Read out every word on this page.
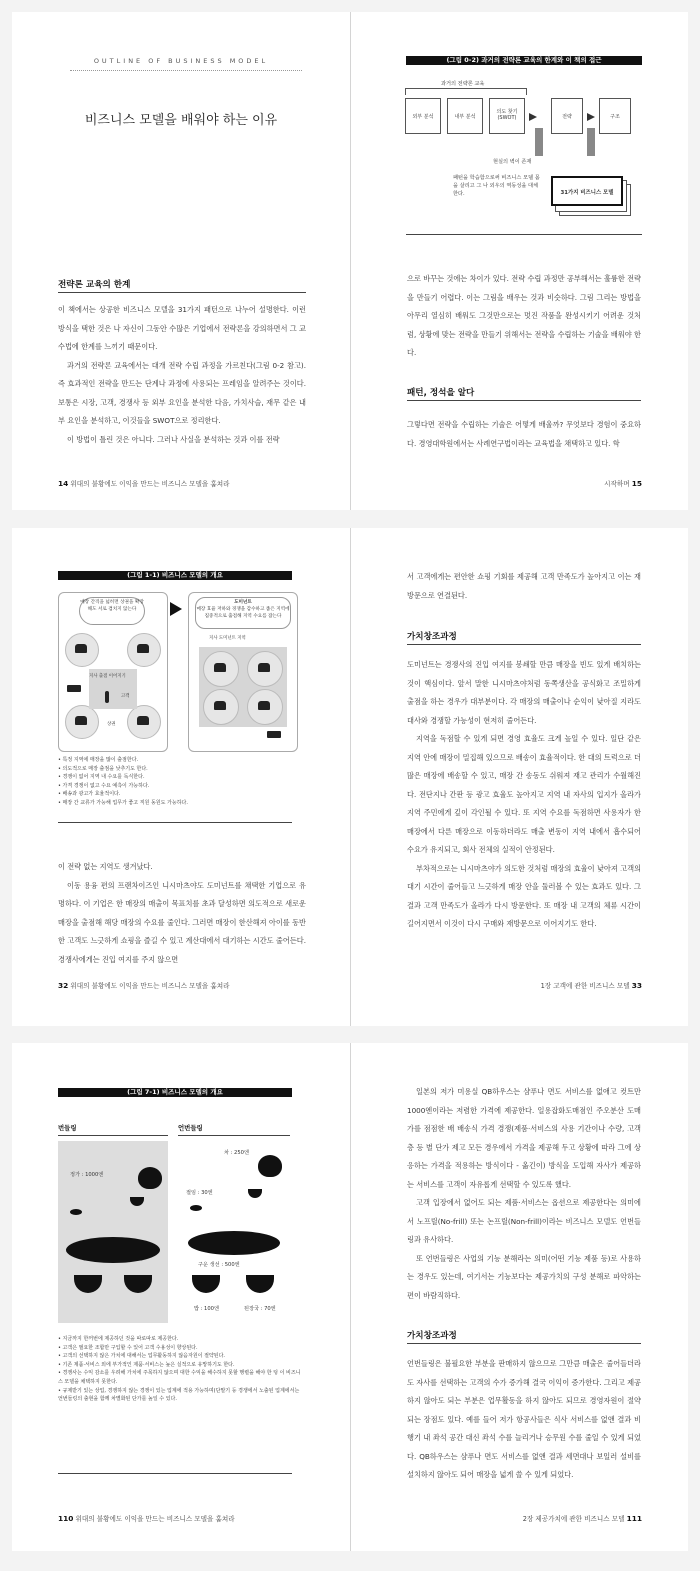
OUTLINE OF BUSINESS MODEL
비즈니스 모델을 배워야 하는 이유
전략론 교육의 한계

이 책에서는 상공한 비즈니스 모델을 31가지 패턴으로 나누어 설명한다. 이런 방식을 택한 것은 나 자신이 그동안 수많은 기업에서 전략론을 강의하면서 그 교수법에 한계를 느끼기 때문이다.

과거의 전략론 교육에서는 대개 전략 수립 과정을 가르친다(그림 0-2 참고). 즉 효과적인 전략을 만드는 단계나 과정에 사용되는 프레임을 알려주는 것이다. 보통은 시장, 고객, 경쟁사 등 외부 요인을 분석한 다음, 가치사슬, 재무 같은 내부 요인을 분석하고, 이것들을 SWOT으로 정리한다.

이 방법이 틀린 것은 아니다. 그러나 사실을 분석하는 것과 이를 전략

14 위대의 불황에도 이익을 만드는 비즈니스 모델을 훔쳐라
(그림 0-2) 과거의 전략론 교육의 한계와 이 책의 접근
과거의 전략론 교육
외부 분석	내부 분석
의도 찾기
(SWOT)	전략	구조
현실의 벽이 존재
패턴을 학습함으로써 비즈니스 모델 몸을 살리고 그 나 외우의 역동성을 대체한다.	31가지 비즈니스 모델

으로 바꾸는 것에는 차이가 있다. 전략 수립 과정만 공부해서는 훌륭한 전략을 만들기 어렵다. 이는 그림을 배우는 것과 비슷하다. 그림 그리는 방법을 아무리 열심히 배워도 그것만으로는 멋진 작품을 완성시키기 어려운 것처럼, 상황에 맞는 전략을 만들기 위해서는 전략을 수립하는 기술을 배워야 한다.

패턴, 정석을 알다

그렇다면 전략을 수립하는 기술은 어떻게 배울까? 무엇보다 경험이 중요하다. 경영대학원에서는 사례연구법이라는 교육법을 채택하고 있다. 학

시작하며 15
(그림 1-1) 비즈니스 모델의 개요
매장 간격을 넓히면 상권을 확장해도 서로 겹치지 않는다
지사 출점 이어지기
고객
상권
도미넌트
매장 효율 저하와 경쟁을 감수하고 좁은 지역에 집중적으로 출점해 지역 수요를 잡는다
지사 도미넌트 지역

• 특정 지역에 매장을 많이 출점한다.

• 의도적으로 매장 출점을 낮추기도 한다.

• 경쟁이 없어 지역 내 수요를 독식한다.

• 가격 경쟁이 없고 수요 예측이 가능하다.

• 배송과 광고가 효율적이다.

• 매장 간 교류가 가능해 업무가 좋고 직원 동원도 가능하다.

이 전략 없는 지역도 생겨났다.

이동 용융 편의 프랜차이즈인 니시마츠야도 도미넌트를 채택한 기업으로 유명하다. 이 기업은 한 매장의 매출이 목표치를 초과 달성하면 의도적으로 새로운 매장을 출점해 해당 매장의 수요를 줄인다. 그러면 매장이 한산해져 아이를 동반한 고객도 느긋하게 쇼핑을 즐길 수 있고 계산대에서 대기하는 시간도 줄어든다. 경쟁사에게는 진입 여지를 주지 않으면

32 위대의 불황에도 이익을 만드는 비즈니스 모델을 훔쳐라

서 고객에게는 편안한 쇼핑 기회를 제공해 고객 만족도가 높아지고 이는 재방문으로 연결된다.

가치창조과정

도미넌트는 경쟁사의 진입 여지를 봉쇄할 만큼 매장을 빈도 있게 배치하는 것이 핵심이다. 앞서 말한 니시마츠야처럼 동쪽생산을 공식화고 조밀하게 출점을 하는 경우가 대부분이다. 각 매장의 매출이나 순익이 낮아질 지라도 대사와 경쟁할 가능성이 현저히 줄어든다.

지역을 독점할 수 있게 되면 경영 효율도 크게 높일 수 있다. 일단 같은 지역 안에 매장이 밀집해 있으므로 배송이 효율적이다. 한 대의 트럭으로 더 많은 매장에 배송할 수 있고, 매장 간 송동도 쉬워져 재고 관리가 수월해진다. 전단지나 간판 등 광고 효율도 높아지고 지역 내 자사의 입지가 올라가 지역 주민에게 깊이 각인될 수 있다. 또 지역 수요를 독점하면 사용자가 한 매장에서 다른 매장으로 이동하더라도 매출 변동이 지역 내에서 흡수되어 수요가 유지되고, 회사 전체의 실적이 안정된다.

부차적으로는 니시마츠야가 의도한 것처럼 매장의 효율이 낮아져 고객의 대기 시간이 줄어들고 느긋하게 매장 안을 둘러볼 수 있는 효과도 있다. 그 결과 고객 만족도가 올라가 다시 방문한다. 또 매장 내 고객의 체류 시간이 길어지면서 이것이 다시 구매와 재방문으로 이어지기도 한다.

1장 고객에 관한 비즈니스 모델 33
(그림 7-1) 비즈니스 모델의 개요
번들링	언번들링
정가 : 1000엔
차 : 250엔
절임 : 30엔
구운 생선 : 500엔
밥 : 100엔	된장국 : 70엔

• 지금까지 한꺼번에 제공하던 것을 따로따로 제공한다.

• 고객은 필요한 조합만 구입할 수 있어 고객 수용성이 향상된다.

• 고객의 선택하지 않은 가치에 대해서는 업무활동하지 않음자원이 절약된다.

• 기존 제품·서비스 외에 부가적인 제품·서비스는 높은 실적으로 유망하기도 한다.

• 경쟁사는 수익 감소를 우려해 가치에 주목하지 않으며 대한 수익을 해수하지 못할 행렬을 해야 한 텅 이 비즈니스 모델을 채택하지 못한다.

• 규제받기 있는 상업, 경쟁하지 않는 경쟁이 있는 업계에 적용 가능하며(단말기 등 경쟁에서 노출된 업계에서는 언번들링의 출현을 함께 차별화된 단가를 높일 수 있다.

110 위대의 불황에도 이익을 만드는 비즈니스 모델을 훔쳐라

일본의 저가 미용실 QB하우스는 샴푸나 면도 서비스를 없애고 컷트만 1000엔이라는 저렴한 가격에 제공한다. 일용잡화도매점인 주오분산 도매가를 점점한 배 배송식 가격 경쟁(제품·서비스의 사용 기간이나 수량, 고객층 등 별 단가 제고 모든 경우에서 가격을 제공해 두고 상황에 따라 그에 상응하는 가격을 적용하는 방식이다 - 옮긴이) 방식을 도입해 자사가 제공하는 서비스를 고객이 자유롭게 선택할 수 있도록 했다.

고객 입장에서 없어도 되는 제품·서비스는 옵션으로 제공한다는 의미에서 노프릴(No-frill) 또는 논프릴(Non-frill)이라는 비즈니스 모델도 언번들링과 유사하다.

또 언번들링은 사업의 기능 분해라는 의미(어떤 기능 제품 등)로 사용하는 경우도 있는데, 여기서는 기능보다는 제공가치의 구성 분해로 파악하는 편이 바람직하다.

가치창조과정

언번들링은 불필요한 부분을 판매하지 않으므로 그만큼 매출은 줄어들더라도 자사를 선택하는 고객의 수가 증가해 결국 이익이 증가한다. 그리고 제공하지 않아도 되는 부분은 업무활동을 하지 않아도 되므로 경영자원이 절약되는 장점도 있다. 예를 들어 저가 항공사들은 식사 서비스를 없앤 결과 비행기 내 좌석 공간 대신 좌석 수를 늘리거나 승무원 수를 줄일 수 있게 되었다. QB하우스는 샴푸나 면도 서비스를 없앤 결과 세면대나 보일러 설비를 설치하지 않아도 되어 매장을 넓게 쓸 수 있게 되었다.

2장 제공가치에 관한 비즈니스 모델 111
